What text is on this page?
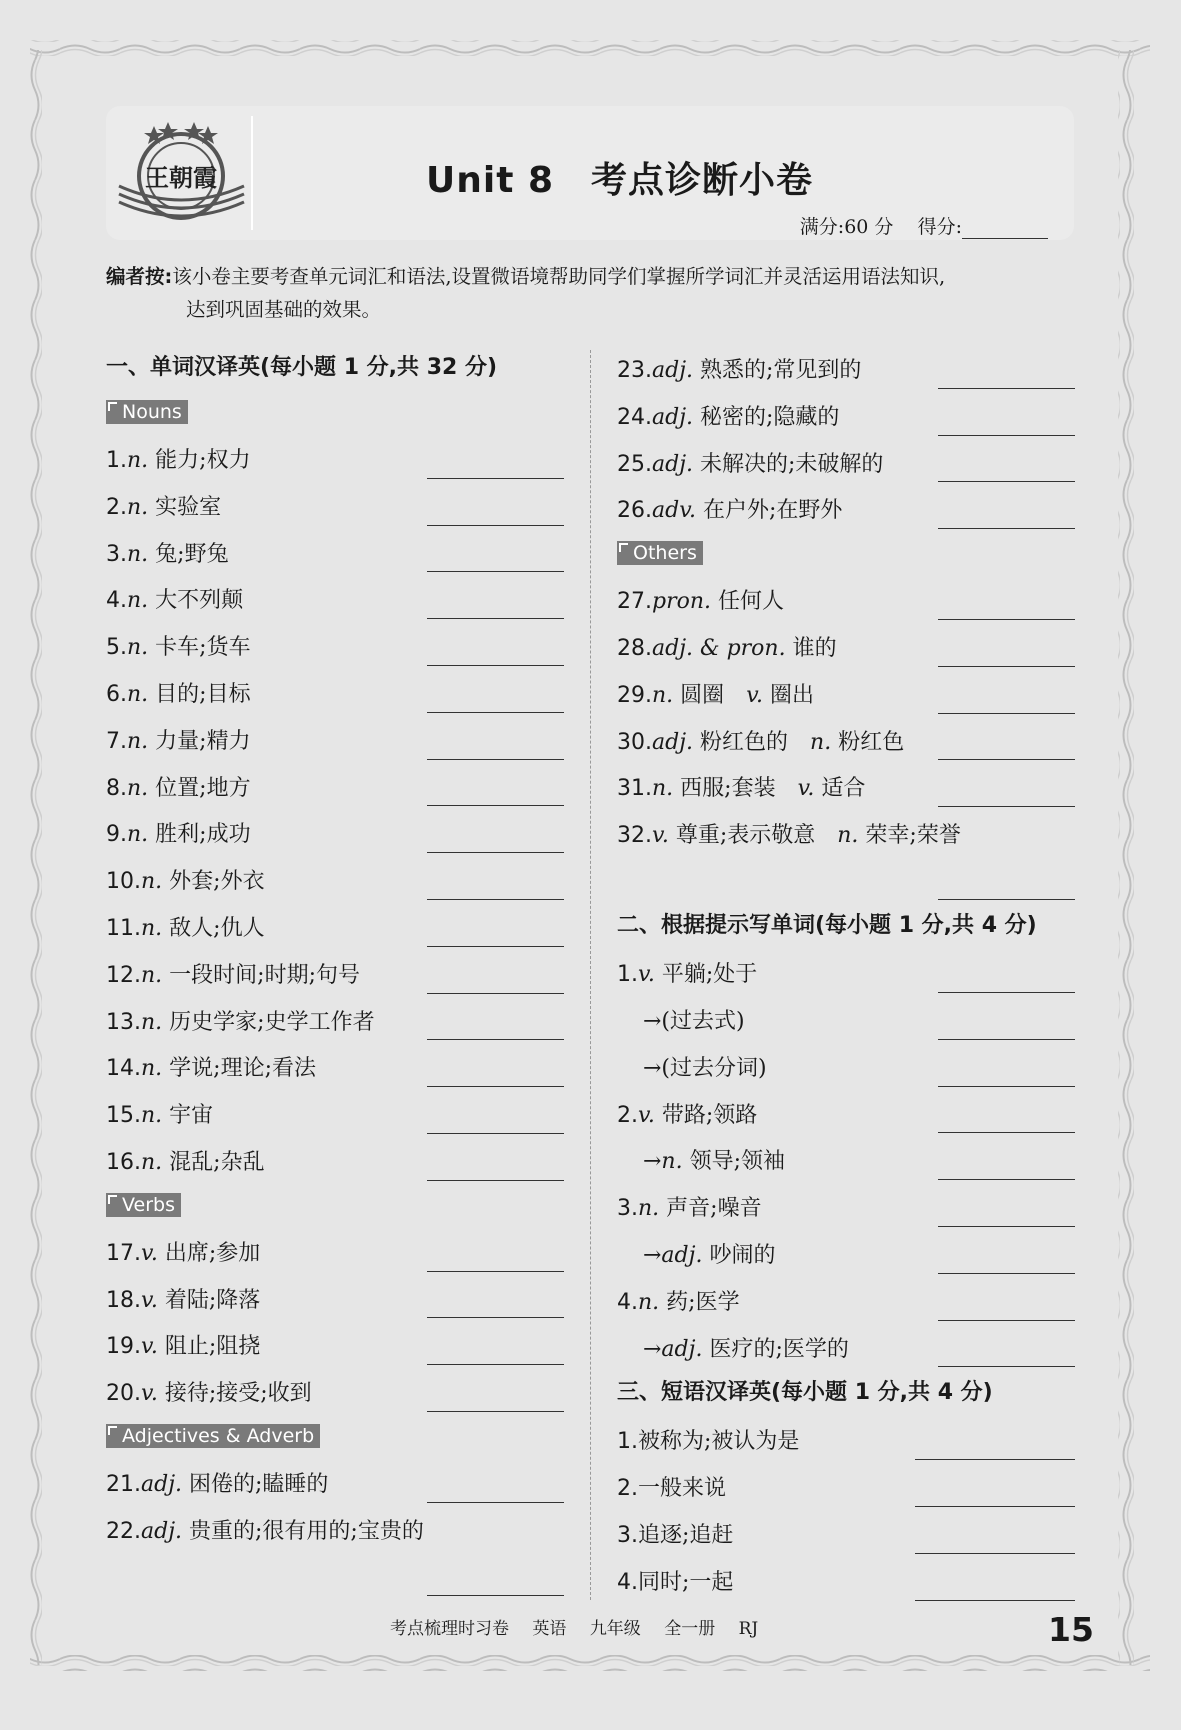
王朝霞	Unit 8　考点诊断小卷
满分:60 分 得分:
编者按:该小卷主要考查单元词汇和语法,设置微语境帮助同学们掌握所学词汇并灵活运用语法知识,
达到巩固基础的效果。
一、单词汉译英(每小题 1 分,共 32 分)
Nouns
1.n. 能力;权力
2.n. 实验室
3.n. 兔;野兔
4.n. 大不列颠
5.n. 卡车;货车
6.n. 目的;目标
7.n. 力量;精力
8.n. 位置;地方
9.n. 胜利;成功
10.n. 外套;外衣
11.n. 敌人;仇人
12.n. 一段时间;时期;句号
13.n. 历史学家;史学工作者
14.n. 学说;理论;看法
15.n. 宇宙
16.n. 混乱;杂乱
Verbs
17.v. 出席;参加
18.v. 着陆;降落
19.v. 阻止;阻挠
20.v. 接待;接受;收到
Adjectives & Adverb
21.adj. 困倦的;瞌睡的
22.adj. 贵重的;很有用的;宝贵的
23.adj. 熟悉的;常见到的
24.adj. 秘密的;隐藏的
25.adj. 未解决的;未破解的
26.adv. 在户外;在野外
Others
27.pron. 任何人
28.adj. & pron. 谁的
29.n. 圆圈  v. 圈出
30.adj. 粉红色的  n. 粉红色
31.n. 西服;套装  v. 适合
32.v. 尊重;表示敬意  n. 荣幸;荣誉
二、根据提示写单词(每小题 1 分,共 4 分)
1.v. 平躺;处于
→(过去式)
→(过去分词)
2.v. 带路;领路
→n. 领导;领袖
3.n. 声音;噪音
→adj. 吵闹的
4.n. 药;医学
→adj. 医疗的;医学的
三、短语汉译英(每小题 1 分,共 4 分)
1.被称为;被认为是
2.一般来说
3.追逐;追赶
4.同时;一起
考点梳理时习卷 英语 九年级 全一册 RJ	15
